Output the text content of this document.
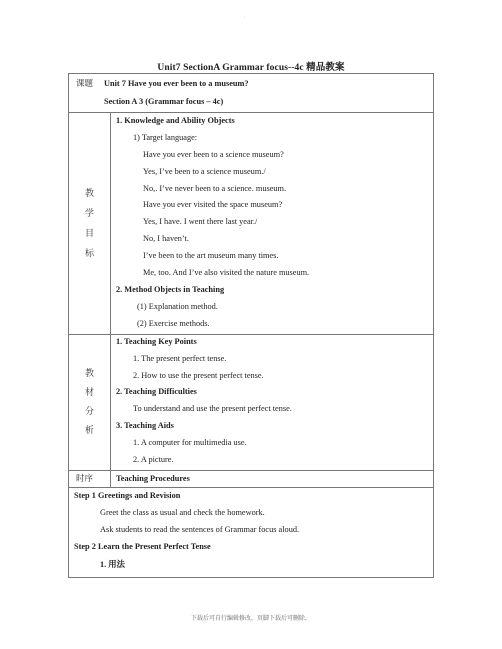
.
Unit7 SectionA Grammar focus--4c 精品教案
课题 Unit 7 Have you ever been to a museum?
Section A 3 (Grammar focus – 4c)
教
学
目
标
1. Knowledge and Ability Objects
1) Target language:
Have you ever been to a science museum?
Yes, I’ve been to a science museum./
No,. I’ve never been to a science. museum.
Have you ever visited the space museum?
Yes, I have. I went there last year./
No, I haven’t.
I’ve been to the art museum many times.
Me, too. And I’ve also visited the nature museum.
2. Method Objects in Teaching
(1) Explanation method.
(2) Exercise methods.
教
材
分
析
1. Teaching Key Points
1. The present perfect tense.
2. How to use the present perfect tense.
2. Teaching Difficulties
To understand and use the present perfect tense.
3. Teaching Aids
1. A computer for multimedia use.
2. A picture.
时序	Teaching Procedures
Step 1 Greetings and Revision
Greet the class as usual and check the homework.
Ask students to read the sentences of Grammar focus aloud.
Step 2 Learn the Present Perfect Tense
1. 用法
下载后可自行编辑修改，页脚下载后可删除。
